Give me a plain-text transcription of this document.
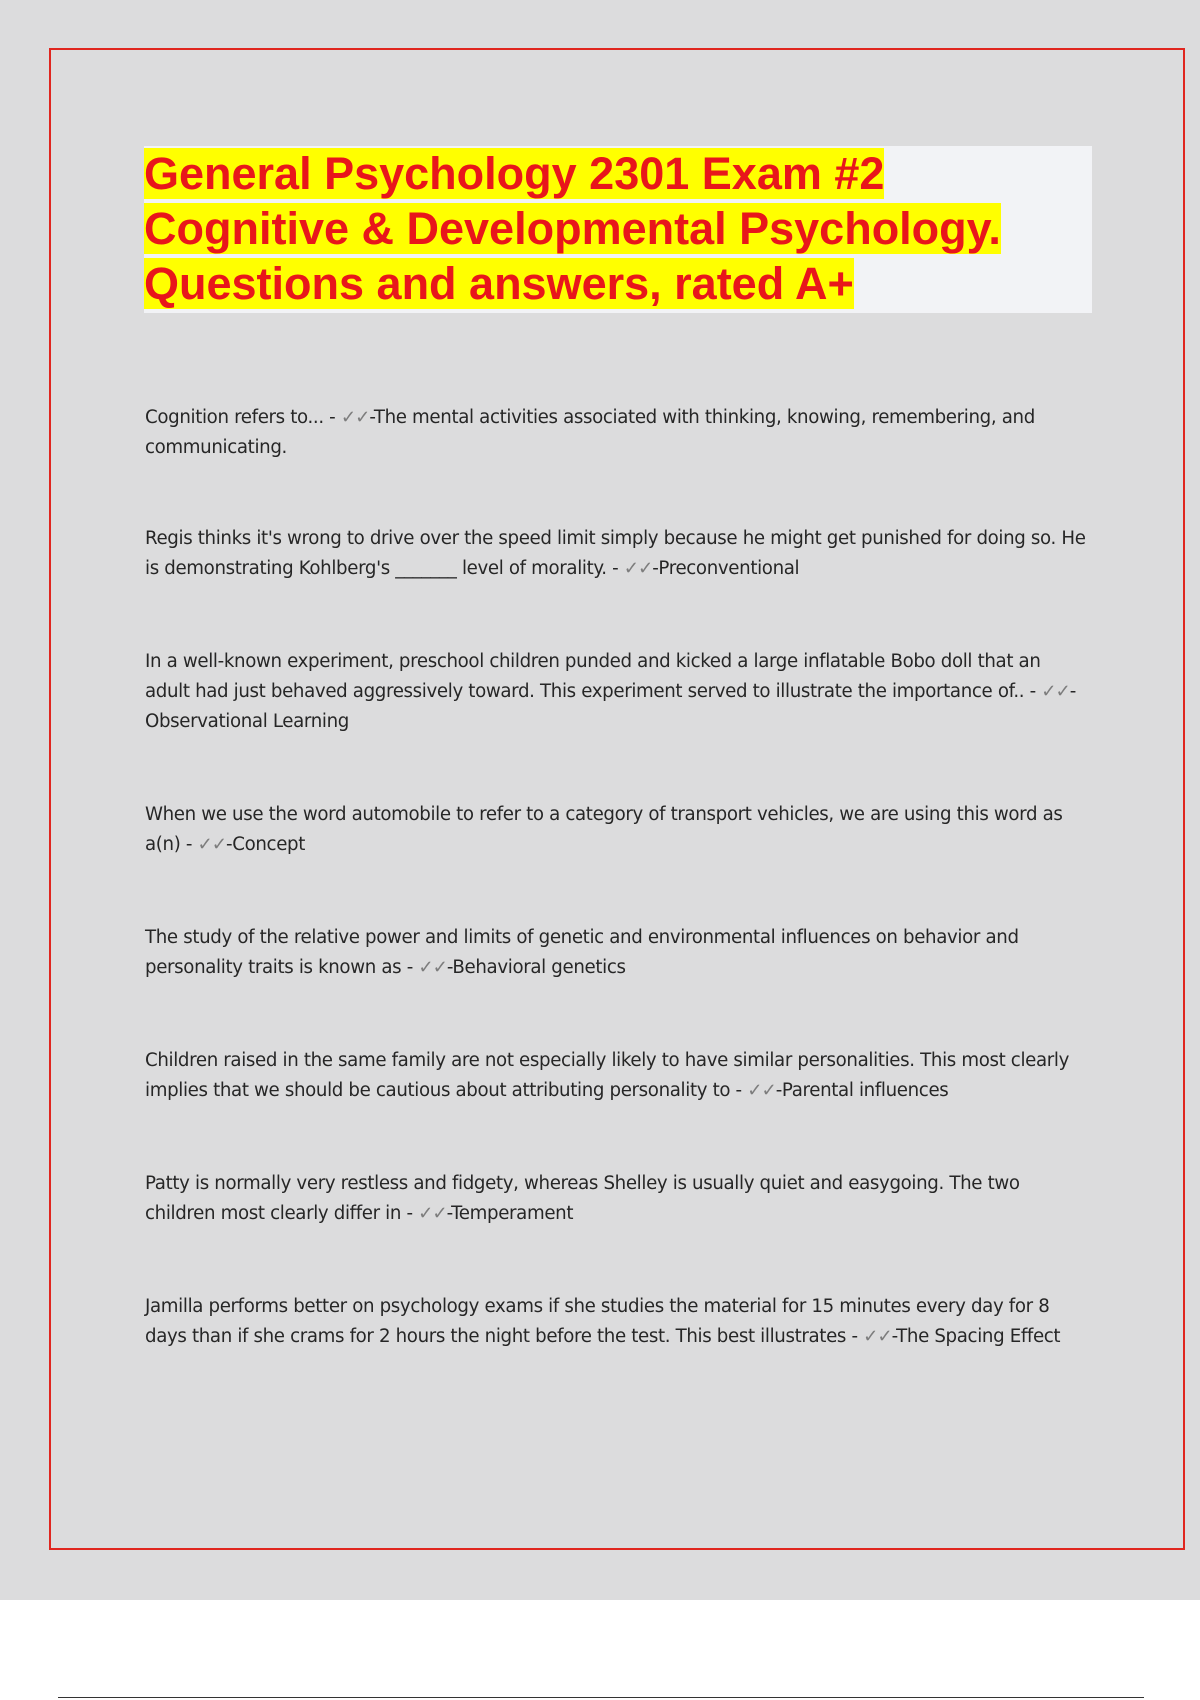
General Psychology 2301 Exam #2
Cognitive & Developmental Psychology.
Questions and answers, rated A+
Cognition refers to... - ✓✓-The mental activities associated with thinking, knowing, remembering, and communicating.
Regis thinks it's wrong to drive over the speed limit simply because he might get punished for doing so. He is demonstrating Kohlberg's _______ level of morality. - ✓✓-Preconventional
In a well-known experiment, preschool children punded and kicked a large inflatable Bobo doll that an adult had just behaved aggressively toward. This experiment served to illustrate the importance of.. - ✓✓-Observational Learning
When we use the word automobile to refer to a category of transport vehicles, we are using this word as a(n) - ✓✓-Concept
The study of the relative power and limits of genetic and environmental influences on behavior and personality traits is known as - ✓✓-Behavioral genetics
Children raised in the same family are not especially likely to have similar personalities. This most clearly implies that we should be cautious about attributing personality to - ✓✓-Parental influences
Patty is normally very restless and fidgety, whereas Shelley is usually quiet and easygoing. The two children most clearly differ in - ✓✓-Temperament
Jamilla performs better on psychology exams if she studies the material for 15 minutes every day for 8 days than if she crams for 2 hours the night before the test. This best illustrates - ✓✓-The Spacing Effect
